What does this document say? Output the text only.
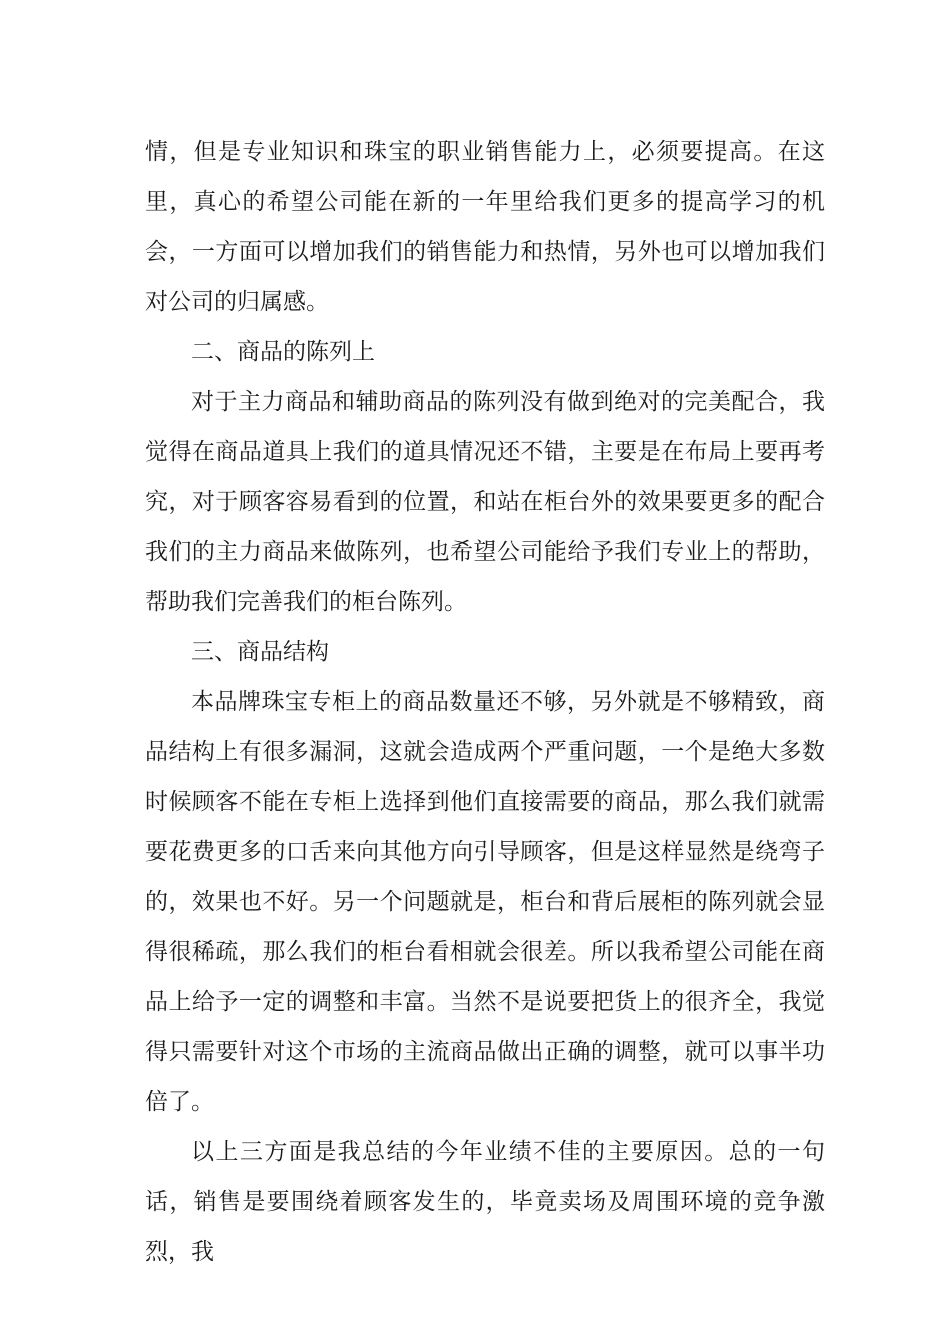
情，但是专业知识和珠宝的职业销售能力上，必须要提高。在这里，真心的希望公司能在新的一年里给我们更多的提高学习的机会，一方面可以增加我们的销售能力和热情，另外也可以增加我们对公司的归属感。

二、商品的陈列上

对于主力商品和辅助商品的陈列没有做到绝对的完美配合，我觉得在商品道具上我们的道具情况还不错，主要是在布局上要再考究，对于顾客容易看到的位置，和站在柜台外的效果要更多的配合我们的主力商品来做陈列，也希望公司能给予我们专业上的帮助，帮助我们完善我们的柜台陈列。

三、商品结构

本品牌珠宝专柜上的商品数量还不够，另外就是不够精致，商品结构上有很多漏洞，这就会造成两个严重问题，一个是绝大多数时候顾客不能在专柜上选择到他们直接需要的商品，那么我们就需要花费更多的口舌来向其他方向引导顾客，但是这样显然是绕弯子的，效果也不好。另一个问题就是，柜台和背后展柜的陈列就会显得很稀疏，那么我们的柜台看相就会很差。所以我希望公司能在商品上给予一定的调整和丰富。当然不是说要把货上的很齐全，我觉得只需要针对这个市场的主流商品做出正确的调整，就可以事半功倍了。

以上三方面是我总结的今年业绩不佳的主要原因。总的一句话，销售是要围绕着顾客发生的，毕竟卖场及周围环境的竞争激烈，我
